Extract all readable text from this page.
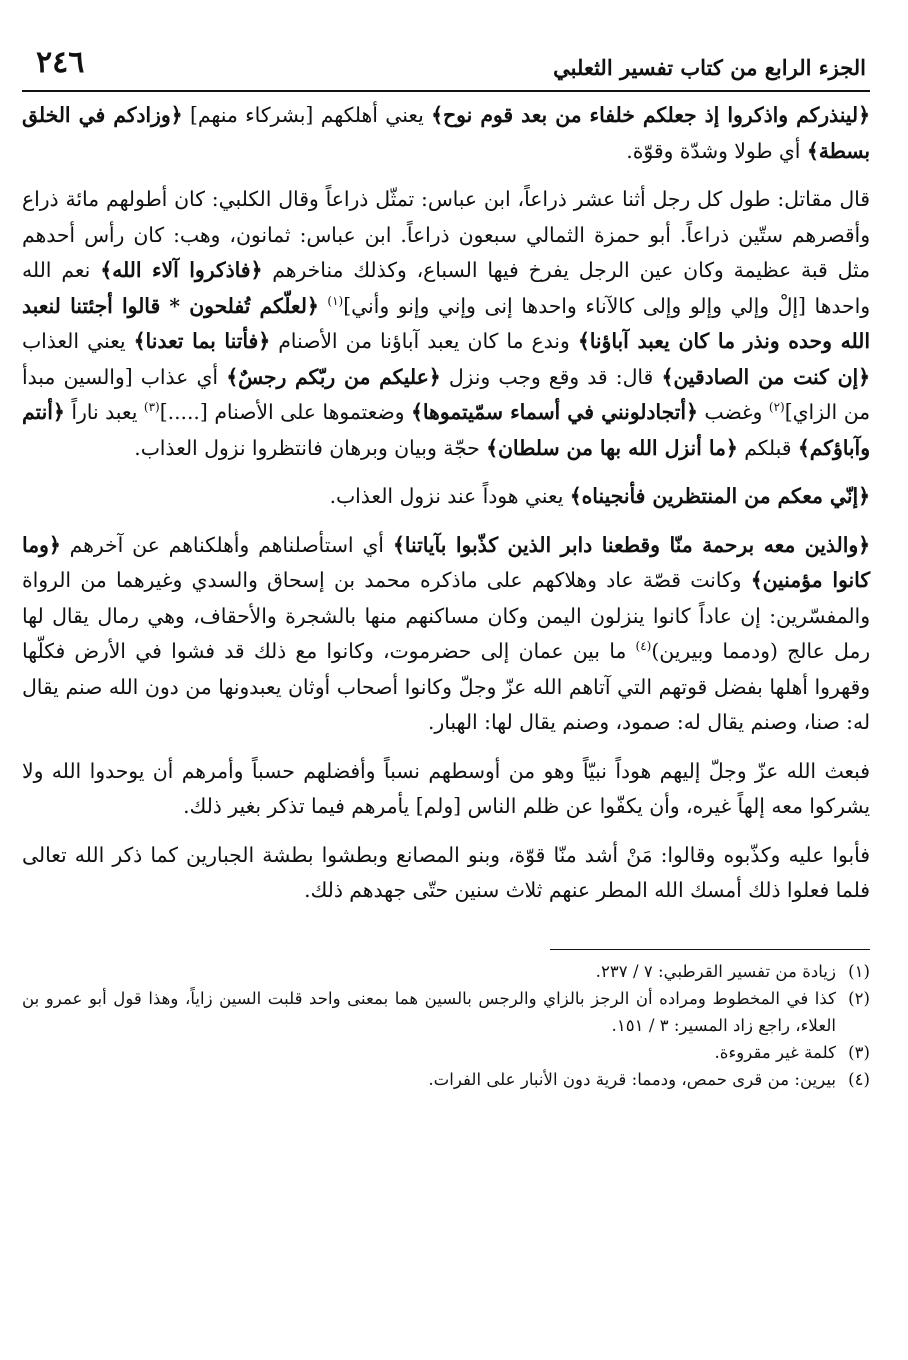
الجزء الرابع من كتاب تفسير الثعلبي
٢٤٦

﴿لينذركم واذكروا إذ جعلكم خلفاء من بعد قوم نوح﴾ يعني أهلكهم [بشركاء منهم] ﴿وزادكم في الخلق بسطة﴾ أي طولا وشدّة وقوّة.

قال مقاتل: طول كل رجل أثنا عشر ذراعاً، ابن عباس: تمثّل ذراعاً وقال الكلبي: كان أطولهم مائة ذراع وأقصرهم ستّين ذراعاً. أبو حمزة الثمالي سبعون ذراعاً. ابن عباس: ثمانون، وهب: كان رأس أحدهم مثل قبة عظيمة وكان عين الرجل يفرخ فيها السباع، وكذلك مناخرهم ﴿فاذكروا آلاء الله﴾ نعم الله واحدها [إلْ وإلي وإلو وإلى كالآناء واحدها إنى وإني وإنو وأني]$^{(١)}$ ﴿لعلّكم تُفلحون * قالوا أجئتنا لنعبد الله وحده ونذر ما كان يعبد آباؤنا﴾ وندع ما كان يعبد آباؤنا من الأصنام ﴿فأتنا بما تعدنا﴾ يعني العذاب ﴿إن كنت من الصادقين﴾ قال: قد وقع وجب ونزل ﴿عليكم من ربّكم رجسٌ﴾ أي عذاب [والسين مبدأ من الزاي]$^{(٢)}$ وغضب ﴿أتجادلونني في أسماء سمّيتموها﴾ وضعتموها على الأصنام [.....]$^{(٣)}$ يعبد ناراً ﴿أنتم وآباؤكم﴾ قبلكم ﴿ما أنزل الله بها من سلطان﴾ حجّة وبيان وبرهان فانتظروا نزول العذاب.

﴿إنّي معكم من المنتظرين فأنجيناه﴾ يعني هوداً عند نزول العذاب.

﴿والذين معه برحمة منّا وقطعنا دابر الذين كذّبوا بآياتنا﴾ أي استأصلناهم وأهلكناهم عن آخرهم ﴿وما كانوا مؤمنين﴾ وكانت قصّة عاد وهلاكهم على ماذكره محمد بن إسحاق والسدي وغيرهما من الرواة والمفسّرين: إن عاداً كانوا ينزلون اليمن وكان مساكنهم منها بالشجرة والأحقاف، وهي رمال يقال لها رمل عالج (ودمما وبيرين)$^{(٤)}$ ما بين عمان إلى حضرموت، وكانوا مع ذلك قد فشوا في الأرض فكلّها وقهروا أهلها بفضل قوتهم التي آتاهم الله عزّ وجلّ وكانوا أصحاب أوثان يعبدونها من دون الله صنم يقال له: صنا، وصنم يقال له: صمود، وصنم يقال لها: الهبار.

فبعث الله عزّ وجلّ إليهم هوداً نبيّاً وهو من أوسطهم نسباً وأفضلهم حسباً وأمرهم أن يوحدوا الله ولا يشركوا معه إلهاً غيره، وأن يكفّوا عن ظلم الناس [ولم] يأمرهم فيما تذكر بغير ذلك.

فأبوا عليه وكذّبوه وقالوا: مَنْ أشد منّا قوّة، وبنو المصانع وبطشوا بطشة الجبارين كما ذكر الله تعالى فلما فعلوا ذلك أمسك الله المطر عنهم ثلاث سنين حتّى جهدهم ذلك.

(١)
زيادة من تفسير القرطبي: ٧ / ٢٣٧.
(٢)
كذا في المخطوط ومراده أن الرجز بالزاي والرجس بالسين هما بمعنى واحد قلبت السين زاياً، وهذا قول أبو عمرو بن العلاء، راجع زاد المسير: ٣ / ١٥١.
(٣)
كلمة غير مقروءة.
(٤)
بيرين: من قرى حمص، ودمما: قرية دون الأنبار على الفرات.
